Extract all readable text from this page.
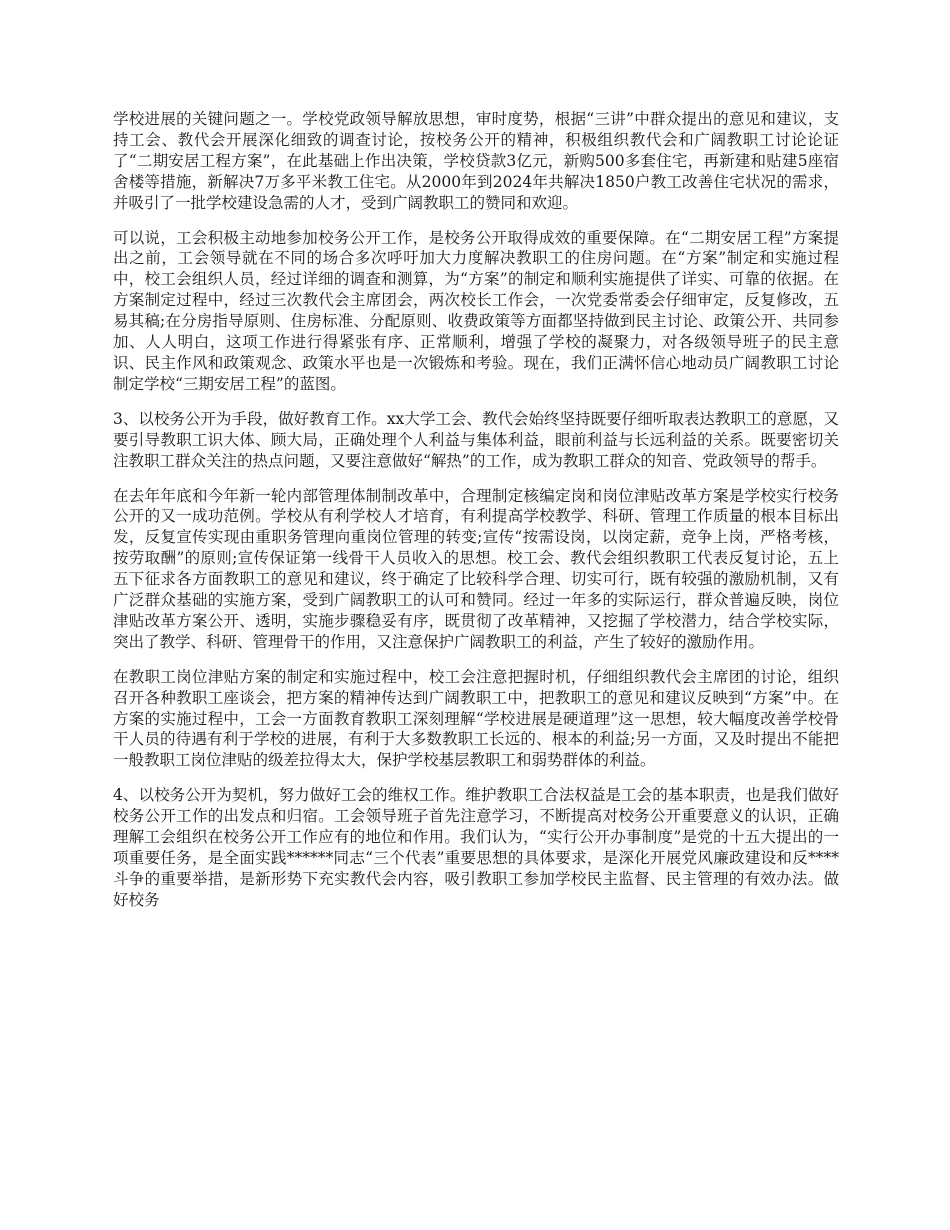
学校进展的关键问题之一。学校党政领导解放思想，审时度势，根据“三讲”中群众提出的意见和建议，支持工会、教代会开展深化细致的调查讨论，按校务公开的精神，积极组织教代会和广阔教职工讨论论证了“二期安居工程方案”，在此基础上作出决策，学校贷款3亿元，新购500多套住宅，再新建和贴建5座宿舍楼等措施，新解决7万多平米教工住宅。从2000年到2024年共解决1850户教工改善住宅状况的需求，并吸引了一批学校建设急需的人才，受到广阔教职工的赞同和欢迎。

可以说，工会积极主动地参加校务公开工作，是校务公开取得成效的重要保障。在“二期安居工程”方案提出之前，工会领导就在不同的场合多次呼吁加大力度解决教职工的住房问题。在“方案”制定和实施过程中，校工会组织人员，经过详细的调查和测算，为“方案”的制定和顺利实施提供了详实、可靠的依据。在方案制定过程中，经过三次教代会主席团会，两次校长工作会，一次党委常委会仔细审定，反复修改，五易其稿;在分房指导原则、住房标准、分配原则、收费政策等方面都坚持做到民主讨论、政策公开、共同参加、人人明白，这项工作进行得紧张有序、正常顺利，增强了学校的凝聚力，对各级领导班子的民主意识、民主作风和政策观念、政策水平也是一次锻炼和考验。现在，我们正满怀信心地动员广阔教职工讨论制定学校“三期安居工程”的蓝图。

3、以校务公开为手段，做好教育工作。xx大学工会、教代会始终坚持既要仔细听取表达教职工的意愿，又要引导教职工识大体、顾大局，正确处理个人利益与集体利益，眼前利益与长远利益的关系。既要密切关注教职工群众关注的热点问题，又要注意做好“解热”的工作，成为教职工群众的知音、党政领导的帮手。

在去年年底和今年新一轮内部管理体制制改革中，合理制定核编定岗和岗位津贴改革方案是学校实行校务公开的又一成功范例。学校从有利学校人才培育，有利提高学校教学、科研、管理工作质量的根本目标出发，反复宣传实现由重职务管理向重岗位管理的转变;宣传“按需设岗，以岗定薪，竞争上岗，严格考核，按劳取酬”的原则;宣传保证第一线骨干人员收入的思想。校工会、教代会组织教职工代表反复讨论，五上五下征求各方面教职工的意见和建议，终于确定了比较科学合理、切实可行，既有较强的激励机制，又有广泛群众基础的实施方案，受到广阔教职工的认可和赞同。经过一年多的实际运行，群众普遍反映，岗位津贴改革方案公开、透明，实施步骤稳妥有序，既贯彻了改革精神，又挖掘了学校潜力，结合学校实际，突出了教学、科研、管理骨干的作用，又注意保护广阔教职工的利益，产生了较好的激励作用。

在教职工岗位津贴方案的制定和实施过程中，校工会注意把握时机，仔细组织教代会主席团的讨论，组织召开各种教职工座谈会，把方案的精神传达到广阔教职工中，把教职工的意见和建议反映到“方案”中。在方案的实施过程中，工会一方面教育教职工深刻理解“学校进展是硬道理”这一思想，较大幅度改善学校骨干人员的待遇有利于学校的进展，有利于大多数教职工长远的、根本的利益;另一方面，又及时提出不能把一般教职工岗位津贴的级差拉得太大，保护学校基层教职工和弱势群体的利益。

4、以校务公开为契机，努力做好工会的维权工作。维护教职工合法权益是工会的基本职责，也是我们做好校务公开工作的出发点和归宿。工会领导班子首先注意学习，不断提高对校务公开重要意义的认识，正确理解工会组织在校务公开工作应有的地位和作用。我们认为，“实行公开办事制度”是党的十五大提出的一项重要任务，是全面实践******同志“三个代表”重要思想的具体要求，是深化开展党风廉政建设和反****斗争的重要举措，是新形势下充实教代会内容，吸引教职工参加学校民主监督、民主管理的有效办法。做好校务
